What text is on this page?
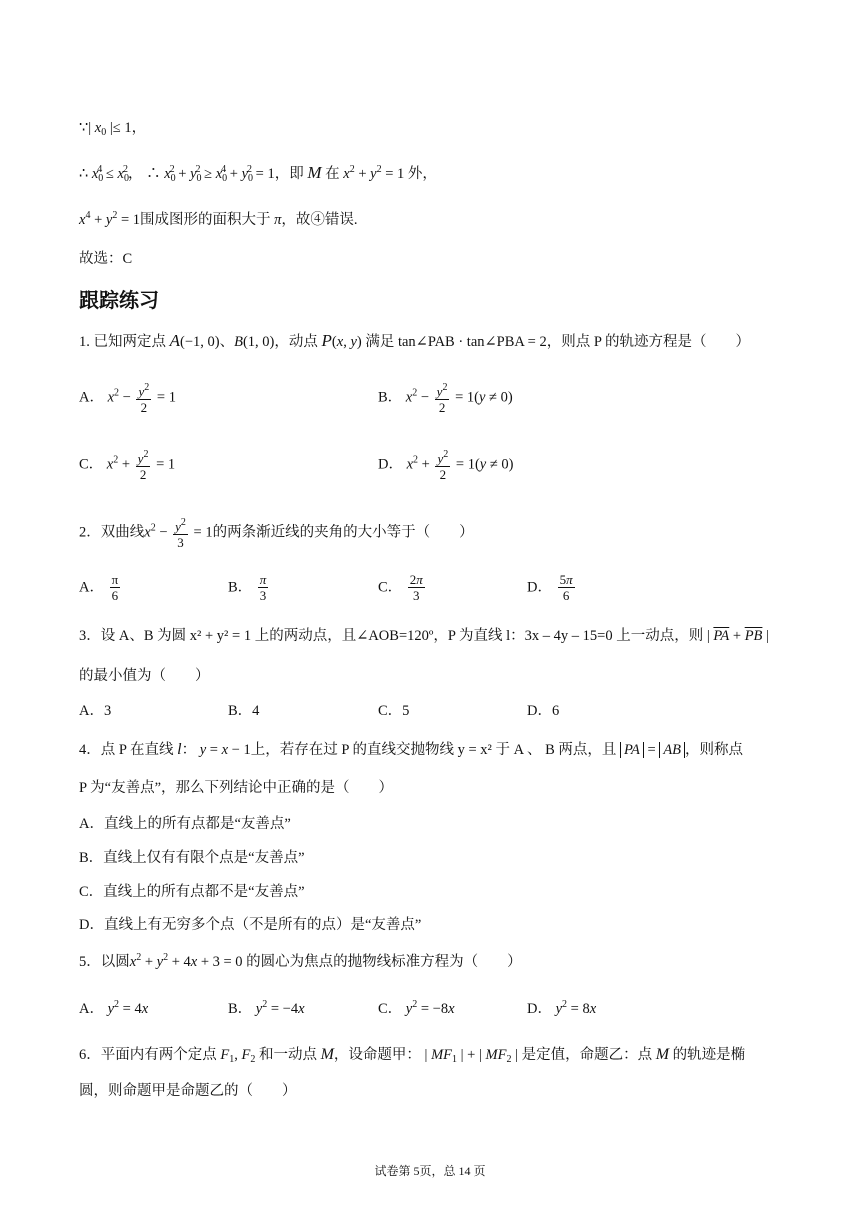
∵| $x_0$ |≤ 1，
∴ $x_0^4 \le x_0^2$， ∴ $x_0^2 + y_0^2 \ge x_0^4 + y_0^2 = 1$，即 M 在 $x^2 + y^2 = 1$ 外，
$x^4 + y^2 = 1$围成图形的面积大于 π，故④错误.
故选：C
跟踪练习
1. 已知两定点 A(−1, 0)、B(1, 0)，动点 P(x, y) 满足 tan∠PAB · tan∠PBA = 2，则点 P 的轨迹方程是（　　）
A． $x^2 - \frac{y^2}{2} = 1$	B． $x^2 - \frac{y^2}{2} = 1(y \ne 0)$
C． $x^2 + \frac{y^2}{2} = 1$	D． $x^2 + \frac{y^2}{2} = 1(y \ne 0)$
2．双曲线$x^2 - \frac{y^2}{3} = 1$的两条渐近线的夹角的大小等于（　　）
A． $\frac{\pi}{6}$	B． $\frac{\pi}{3}$	C． $\frac{2\pi}{3}$	D． $\frac{5\pi}{6}$
3．设 A、B 为圆 x² + y² = 1 上的两动点，且∠AOB=120º，P 为直线 l：3x – 4y – 15=0 上一动点，则 | $\overline{PA} + \overline{PB}$ |
的最小值为（　　）
A．3	B．4	C．5	D．6
4．点 P 在直线 l： y = x − 1上，若存在过 P 的直线交抛物线 y = x² 于 A 、 B 两点，且 PA = AB ，则称点
P 为“友善点”，那么下列结论中正确的是（　　）
A．直线上的所有点都是“友善点”
B．直线上仅有有限个点是“友善点”
C．直线上的所有点都不是“友善点”
D．直线上有无穷多个点（不是所有的点）是“友善点”
5．以圆$x^2 + y^2 + 4x + 3 = 0$ 的圆心为焦点的抛物线标准方程为（　　）
A． $y^2 = 4x$	B． $y^2 = -4x$	C． $y^2 = -8x$	D． $y^2 = 8x$
6．平面内有两个定点 $F_1$, $F_2$ 和一动点 M，设命题甲： | $MF_1$ | + | $MF_2$ | 是定值，命题乙：点 M 的轨迹是椭
圆，则命题甲是命题乙的（　　）
试卷第 5页，总 14 页
